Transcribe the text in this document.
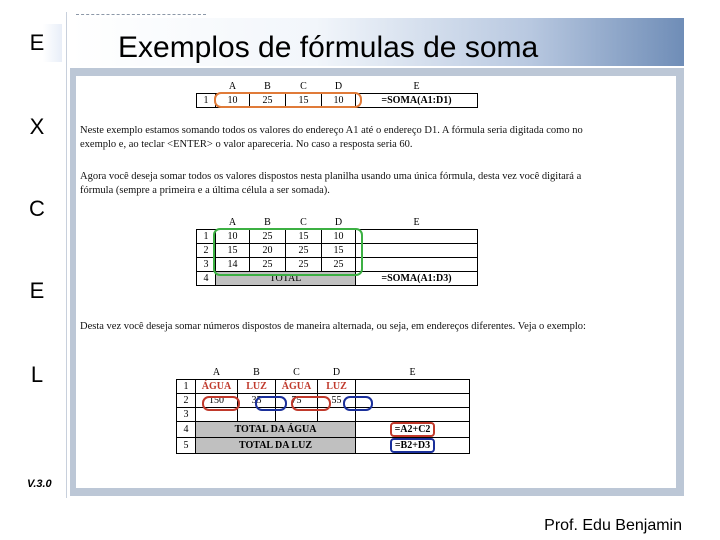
E
X
C
E
L
V.3.0
Exemplos de fórmulas de soma
	A	B	C	D	E
1	10	25	15	10	=SOMA(A1:D1)
Neste exemplo estamos somando todos os valores do endereço A1 até o endereço D1. A fórmula seria digitada como no exemplo e, ao teclar <ENTER> o valor apareceria. No caso a resposta seria 60.
Agora você deseja somar todos os valores dispostos nesta planilha usando uma única fórmula, desta vez você digitará a fórmula (sempre a primeira e a última célula a ser somada).
	A	B	C	D	E
1	10	25	15	10	
2	15	20	25	15	
3	14	25	25	25	
4	TOTAL				=SOMA(A1:D3)
Desta vez você deseja somar números dispostos de maneira alternada, ou seja, em endereços diferentes. Veja o exemplo:
	A	B	C	D	E
1	ÁGUA	LUZ	ÁGUA	LUZ	
2	150	35	75	55	
3					
4	TOTAL DA ÁGUA				=A2+C2
5	TOTAL DA LUZ				=B2+D3
Prof. Edu Benjamin
